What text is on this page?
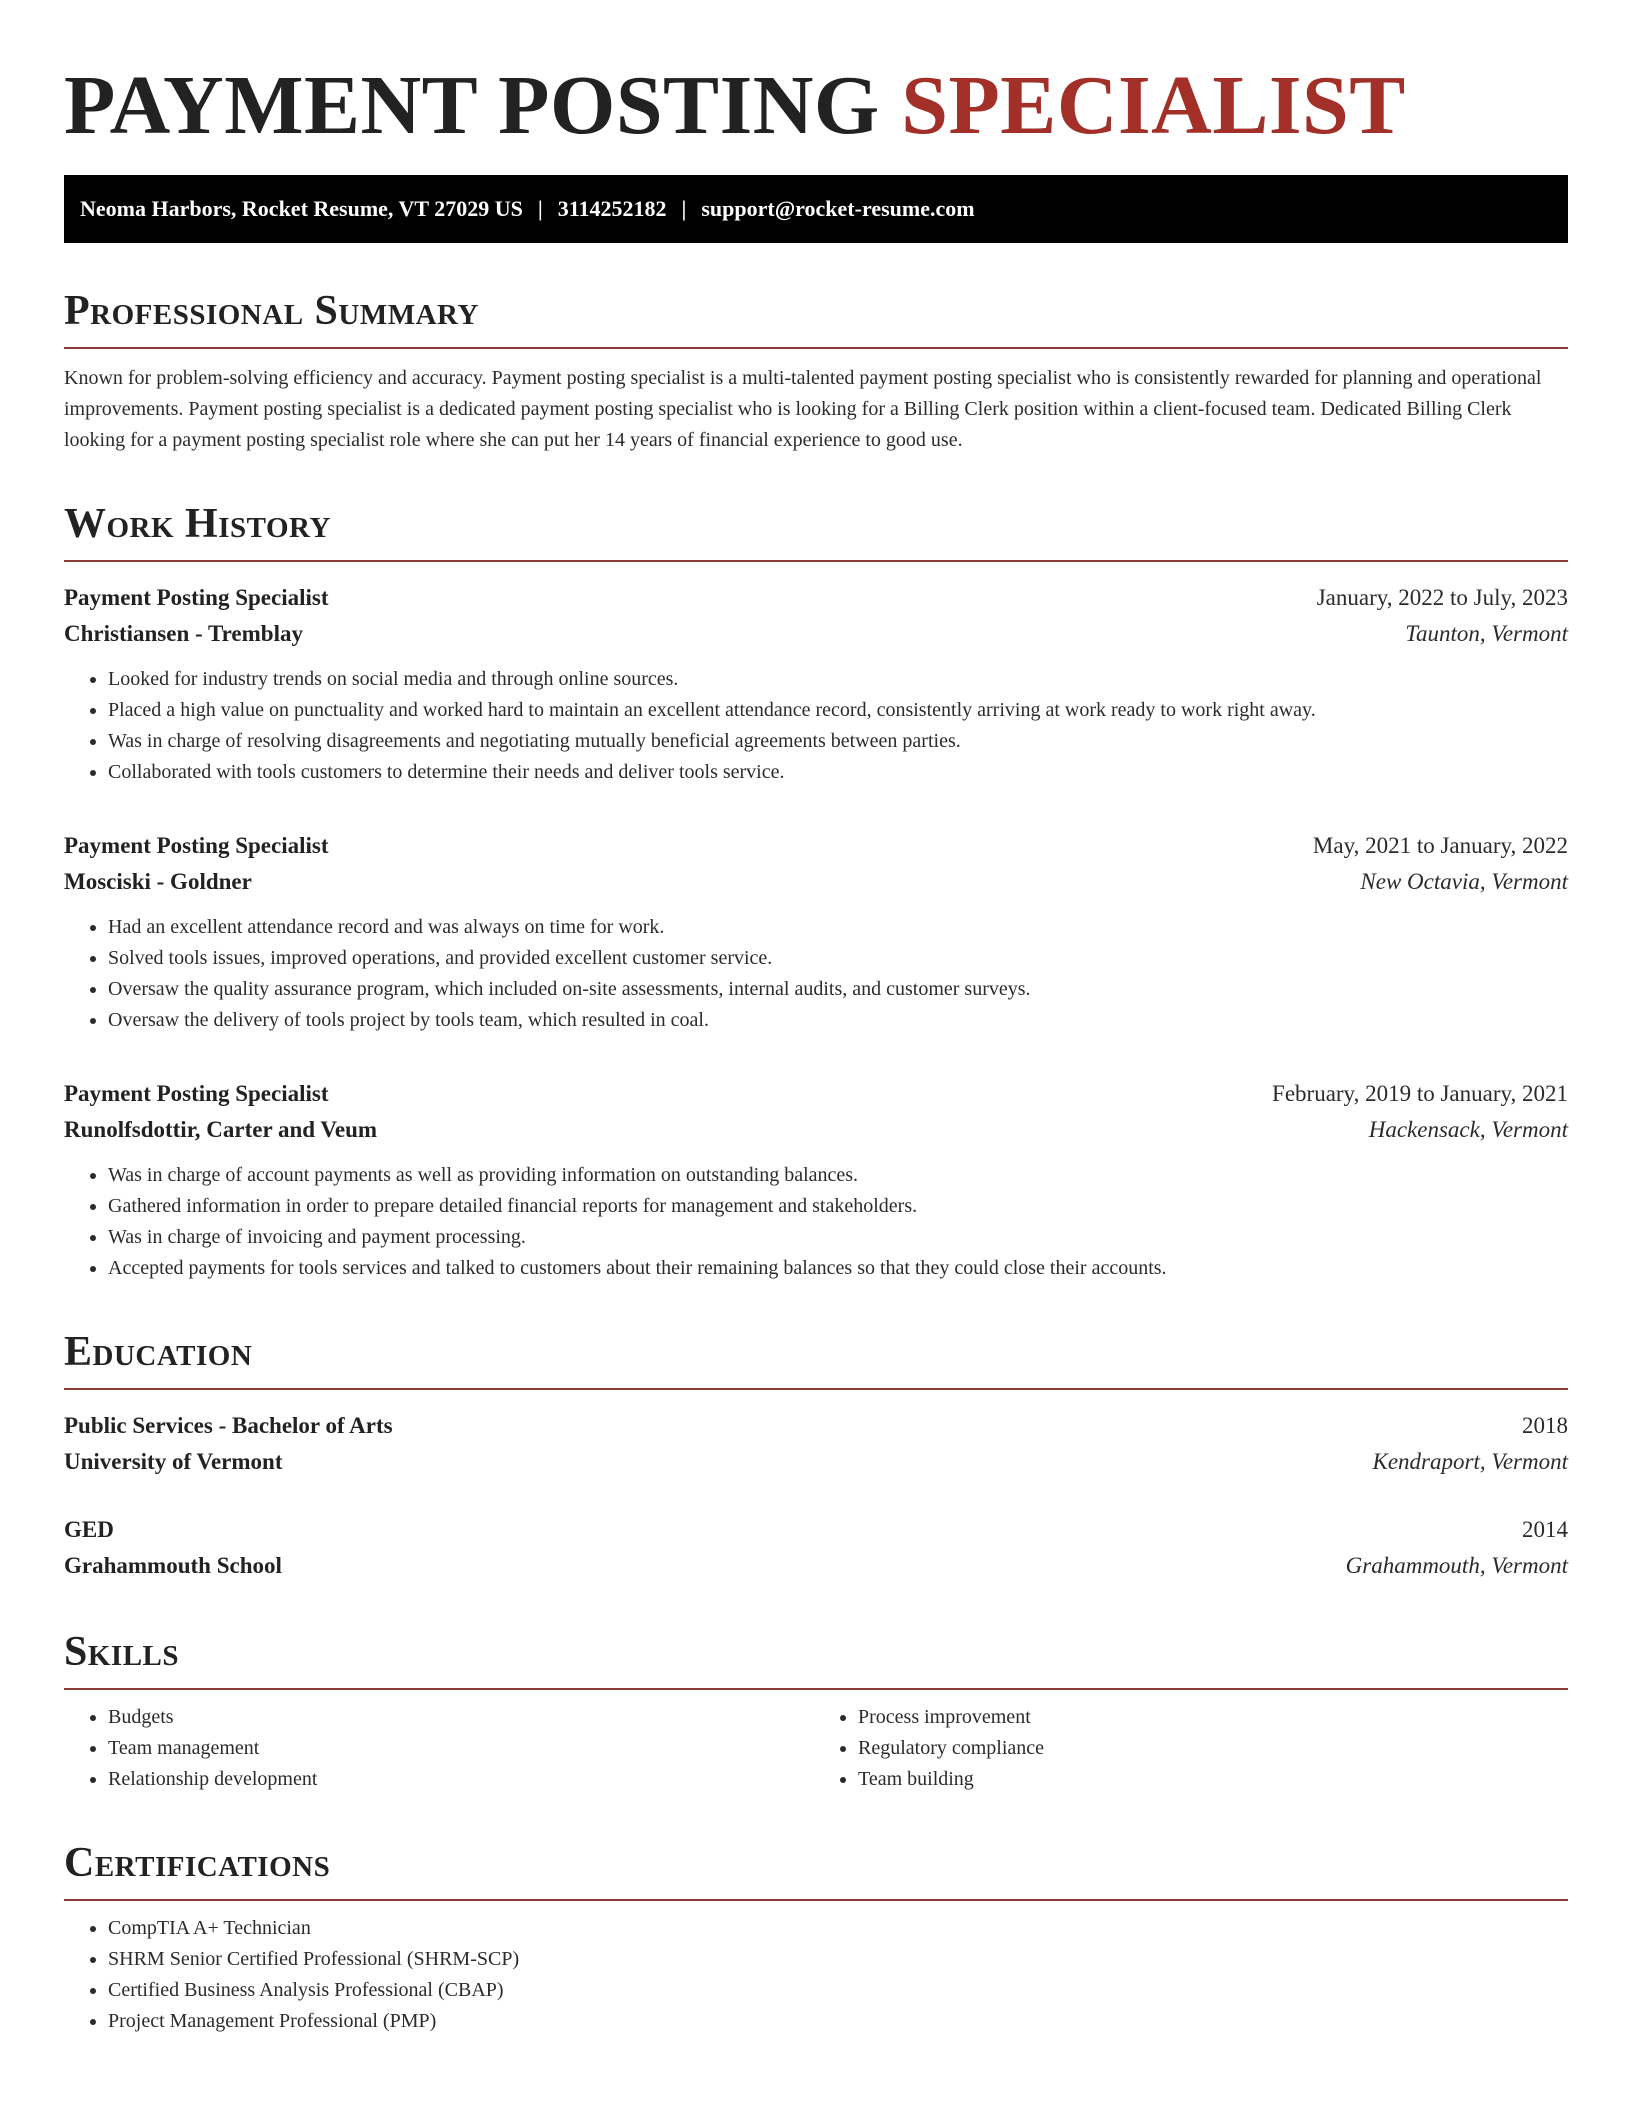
PAYMENT POSTING SPECIALIST
Neoma Harbors, Rocket Resume, VT 27029 US | 3114252182 | support@rocket-resume.com
Professional Summary

Known for problem-solving efficiency and accuracy. Payment posting specialist is a multi-talented payment posting specialist who is consistently rewarded for planning and operational improvements. Payment posting specialist is a dedicated payment posting specialist who is looking for a Billing Clerk position within a client-focused team. Dedicated Billing Clerk looking for a payment posting specialist role where she can put her 14 years of financial experience to good use.

Work History
Payment Posting Specialist	January, 2022 to July, 2023
Christiansen - Tremblay	Taunton, Vermont
• Looked for industry trends on social media and through online sources.
• Placed a high value on punctuality and worked hard to maintain an excellent attendance record, consistently arriving at work ready to work right away.
• Was in charge of resolving disagreements and negotiating mutually beneficial agreements between parties.
• Collaborated with tools customers to determine their needs and deliver tools service.
Payment Posting Specialist	May, 2021 to January, 2022
Mosciski - Goldner	New Octavia, Vermont
• Had an excellent attendance record and was always on time for work.
• Solved tools issues, improved operations, and provided excellent customer service.
• Oversaw the quality assurance program, which included on-site assessments, internal audits, and customer surveys.
• Oversaw the delivery of tools project by tools team, which resulted in coal.
Payment Posting Specialist	February, 2019 to January, 2021
Runolfsdottir, Carter and Veum	Hackensack, Vermont
• Was in charge of account payments as well as providing information on outstanding balances.
• Gathered information in order to prepare detailed financial reports for management and stakeholders.
• Was in charge of invoicing and payment processing.
• Accepted payments for tools services and talked to customers about their remaining balances so that they could close their accounts.
Education
Public Services - Bachelor of Arts	2018
University of Vermont	Kendraport, Vermont
GED	2014
Grahammouth School	Grahammouth, Vermont
Skills
• Budgets
• Team management
• Relationship development
• Process improvement
• Regulatory compliance
• Team building
Certifications
• CompTIA A+ Technician
• SHRM Senior Certified Professional (SHRM-SCP)
• Certified Business Analysis Professional (CBAP)
• Project Management Professional (PMP)
